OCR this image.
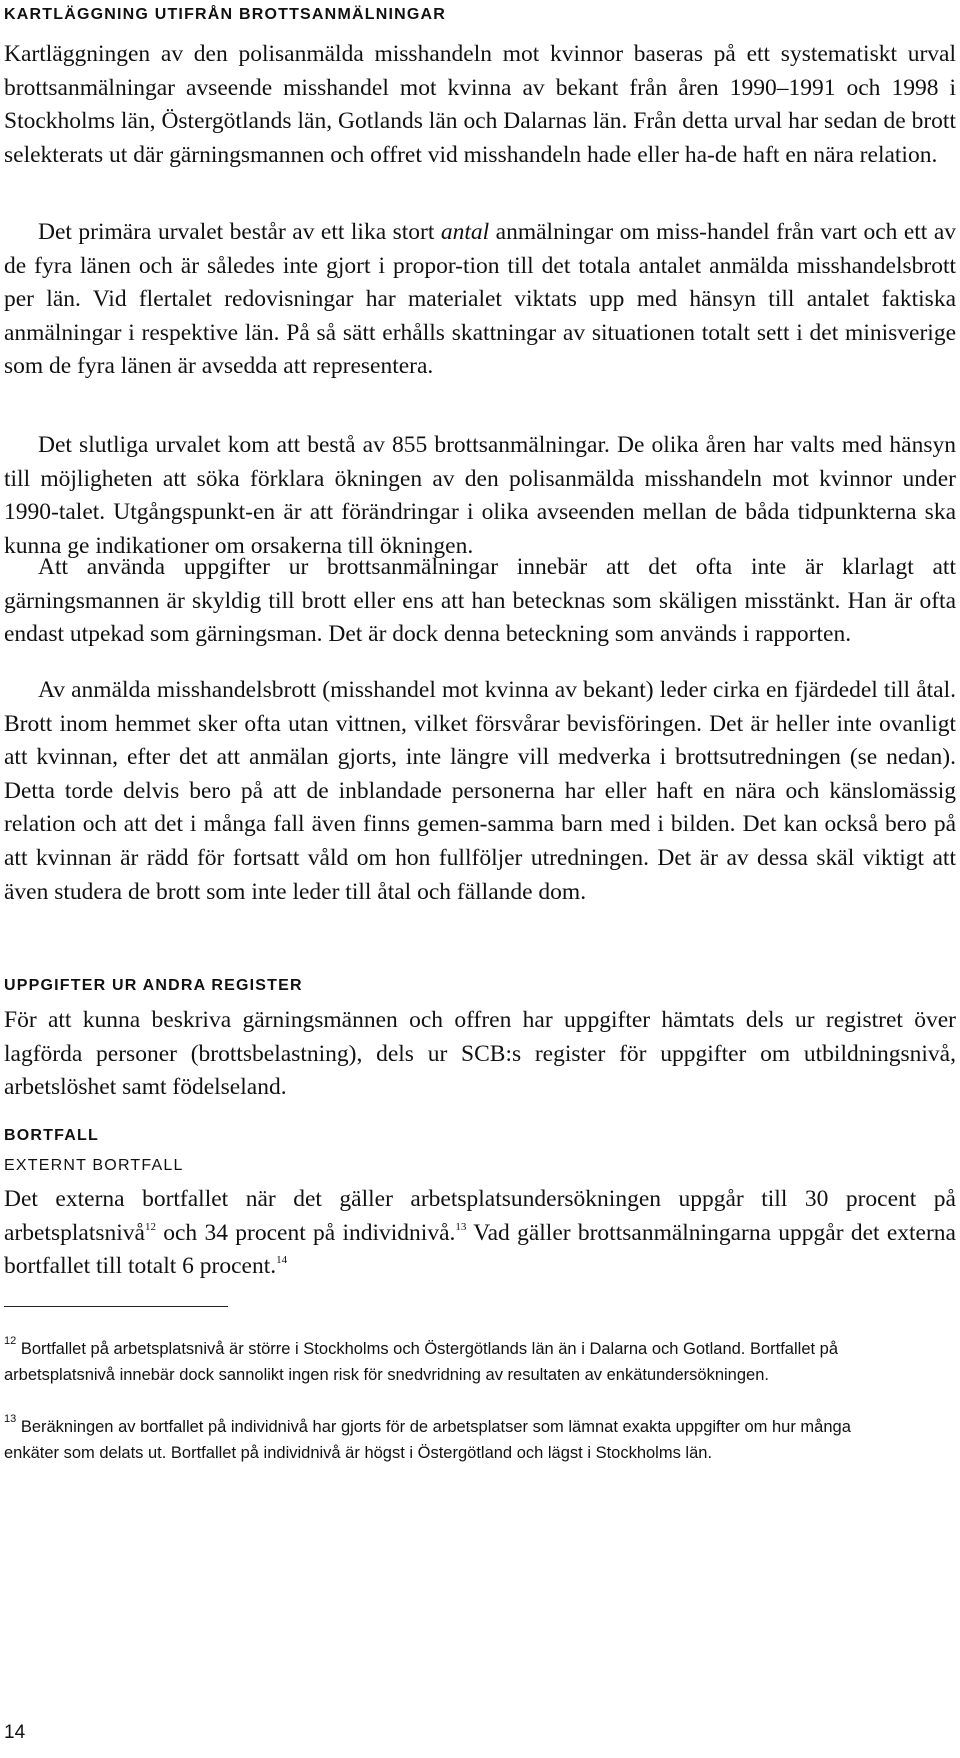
KARTLÄGGNING UTIFRÅN BROTTSANMÄLNINGAR

Kartläggningen av den polisanmälda misshandeln mot kvinnor baseras på ett systematiskt urval brottsanmälningar avseende misshandel mot kvinna av bekant från åren 1990–1991 och 1998 i Stockholms län, Östergötlands län, Gotlands län och Dalarnas län. Från detta urval har sedan de brott selekterats ut där gärningsmannen och offret vid misshandeln hade eller ha-de haft en nära relation.

Det primära urvalet består av ett lika stort antal anmälningar om miss-handel från vart och ett av de fyra länen och är således inte gjort i propor-tion till det totala antalet anmälda misshandelsbrott per län. Vid flertalet redovisningar har materialet viktats upp med hänsyn till antalet faktiska anmälningar i respektive län. På så sätt erhålls skattningar av situationen totalt sett i det minisverige som de fyra länen är avsedda att representera.

Det slutliga urvalet kom att bestå av 855 brottsanmälningar. De olika åren har valts med hänsyn till möjligheten att söka förklara ökningen av den polisanmälda misshandeln mot kvinnor under 1990-talet. Utgångspunkt-en är att förändringar i olika avseenden mellan de båda tidpunkterna ska kunna ge indikationer om orsakerna till ökningen.

Att använda uppgifter ur brottsanmälningar innebär att det ofta inte är klarlagt att gärningsmannen är skyldig till brott eller ens att han betecknas som skäligen misstänkt. Han är ofta endast utpekad som gärningsman. Det är dock denna beteckning som används i rapporten.

Av anmälda misshandelsbrott (misshandel mot kvinna av bekant) leder cirka en fjärdedel till åtal. Brott inom hemmet sker ofta utan vittnen, vilket försvårar bevisföringen. Det är heller inte ovanligt att kvinnan, efter det att anmälan gjorts, inte längre vill medverka i brottsutredningen (se nedan). Detta torde delvis bero på att de inblandade personerna har eller haft en nära och känslomässig relation och att det i många fall även finns gemen-samma barn med i bilden. Det kan också bero på att kvinnan är rädd för fortsatt våld om hon fullföljer utredningen. Det är av dessa skäl viktigt att även studera de brott som inte leder till åtal och fällande dom.

UPPGIFTER UR ANDRA REGISTER

För att kunna beskriva gärningsmännen och offren har uppgifter hämtats dels ur registret över lagförda personer (brottsbelastning), dels ur SCB:s register för uppgifter om utbildningsnivå, arbetslöshet samt födelseland.

BORTFALL
EXTERNT BORTFALL

Det externa bortfallet när det gäller arbetsplatsundersökningen uppgår till 30 procent på arbetsplatsnivå$^{12}$ och 34 procent på individnivå.$^{13}$ Vad gäller brottsanmälningarna uppgår det externa bortfallet till totalt 6 procent.$^{14}$

$^{12}$ Bortfallet på arbetsplatsnivå är större i Stockholms och Östergötlands län än i Dalarna och Gotland. Bortfallet på arbetsplatsnivå innebär dock sannolikt ingen risk för snedvridning av resultaten av enkätundersökningen.

$^{13}$ Beräkningen av bortfallet på individnivå har gjorts för de arbetsplatser som lämnat exakta uppgifter om hur många enkäter som delats ut. Bortfallet på individnivå är högst i Östergötland och lägst i Stockholms län.

14
